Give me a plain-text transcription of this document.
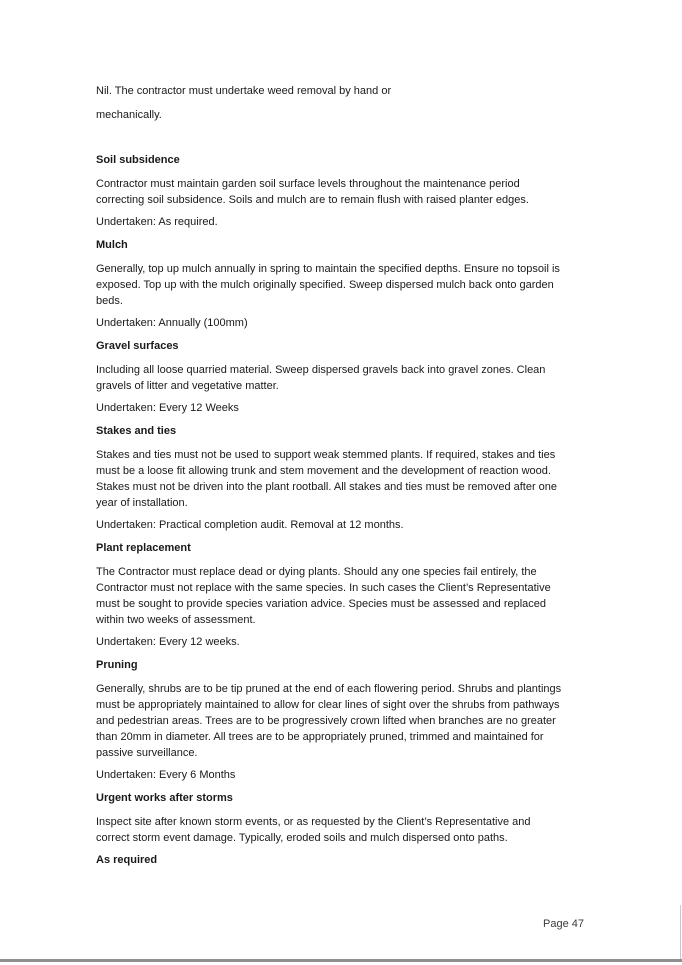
Nil. The contractor must undertake weed removal by hand or
mechanically.
Soil subsidence
Contractor must maintain garden soil surface levels throughout the maintenance period
correcting soil subsidence. Soils and mulch are to remain flush with raised planter edges.
Undertaken: As required.
Mulch
Generally, top up mulch annually in spring to maintain the specified depths. Ensure no topsoil is
exposed. Top up with the mulch originally specified. Sweep dispersed mulch back onto garden
beds.
Undertaken: Annually (100mm)
Gravel surfaces
Including all loose quarried material. Sweep dispersed gravels back into gravel zones. Clean
gravels of litter and vegetative matter.
Undertaken: Every 12 Weeks
Stakes and ties
Stakes and ties must not be used to support weak stemmed plants. If required, stakes and ties
must be a loose fit allowing trunk and stem movement and the development of reaction wood.
Stakes must not be driven into the plant rootball. All stakes and ties must be removed after one
year of installation.
Undertaken: Practical completion audit. Removal at 12 months.
Plant replacement
The Contractor must replace dead or dying plants. Should any one species fail entirely, the
Contractor must not replace with the same species. In such cases the Client’s Representative
must be sought to provide species variation advice. Species must be assessed and replaced
within two weeks of assessment.
Undertaken: Every 12 weeks.
Pruning
Generally, shrubs are to be tip pruned at the end of each flowering period. Shrubs and plantings
must be appropriately maintained to allow for clear lines of sight over the shrubs from pathways
and pedestrian areas. Trees are to be progressively crown lifted when branches are no greater
than 20mm in diameter. All trees are to be appropriately pruned, trimmed and maintained for
passive surveillance.
Undertaken: Every 6 Months
Urgent works after storms
Inspect site after known storm events, or as requested by the Client’s Representative and
correct storm event damage. Typically, eroded soils and mulch dispersed onto paths.
As required
Page 47
